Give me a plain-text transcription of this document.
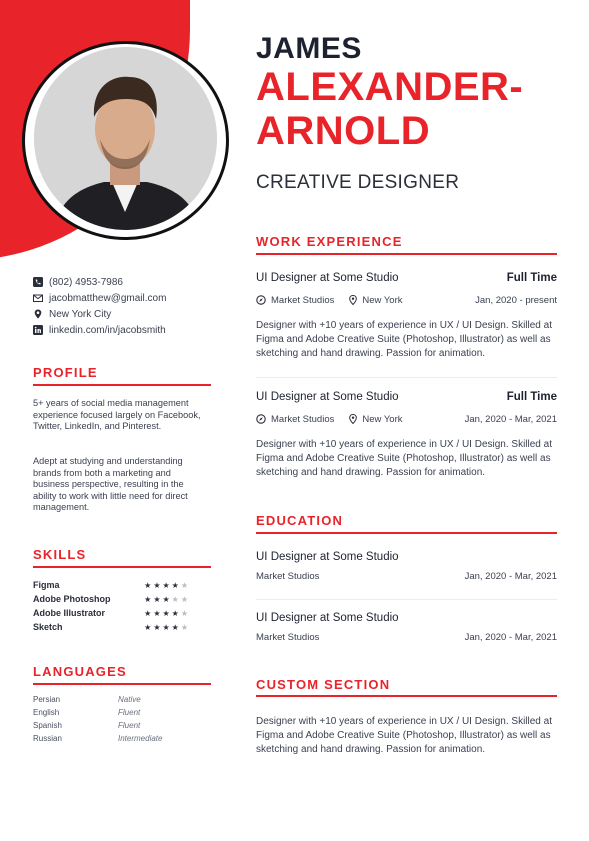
JAMES
ALEXANDER-
ARNOLD
CREATIVE DESIGNER
(802) 4953-7986
jacobmatthew@gmail.com
New York City
linkedin.com/in/jacobsmith
PROFILE
5+ years of social media management experience focused largely on Facebook, Twitter, LinkedIn, and Pinterest.
Adept at studying and understanding brands from both a marketing and business perspective, resulting in the ability to work with little need for direct management.
SKILLS
Figma	★ ★ ★ ★ ★
Adobe Photoshop	★ ★ ★ ★ ★
Adobe Illustrator	★ ★ ★ ★ ★
Sketch	★ ★ ★ ★ ★
LANGUAGES
Persian	Native
English	Fluent
Spanish	Fluent
Russian	Intermediate
WORK EXPERIENCE
UI Designer at Some Studio	Full Time
Market Studios	New York	Jan, 2020 - present
Designer with +10 years of experience in UX / UI Design. Skilled at Figma and Adobe Creative Suite (Photoshop, Illustrator) as well as sketching and hand drawing. Passion for animation.
UI Designer at Some Studio	Full Time
Market Studios	New York	Jan, 2020 - Mar, 2021
Designer with +10 years of experience in UX / UI Design. Skilled at Figma and Adobe Creative Suite (Photoshop, Illustrator) as well as sketching and hand drawing. Passion for animation.
EDUCATION
UI Designer at Some Studio
Market Studios	Jan, 2020 - Mar, 2021
UI Designer at Some Studio
Market Studios	Jan, 2020 - Mar, 2021
CUSTOM SECTION
Designer with +10 years of experience in UX / UI Design. Skilled at Figma and Adobe Creative Suite (Photoshop, Illustrator) as well as sketching and hand drawing. Passion for animation.
